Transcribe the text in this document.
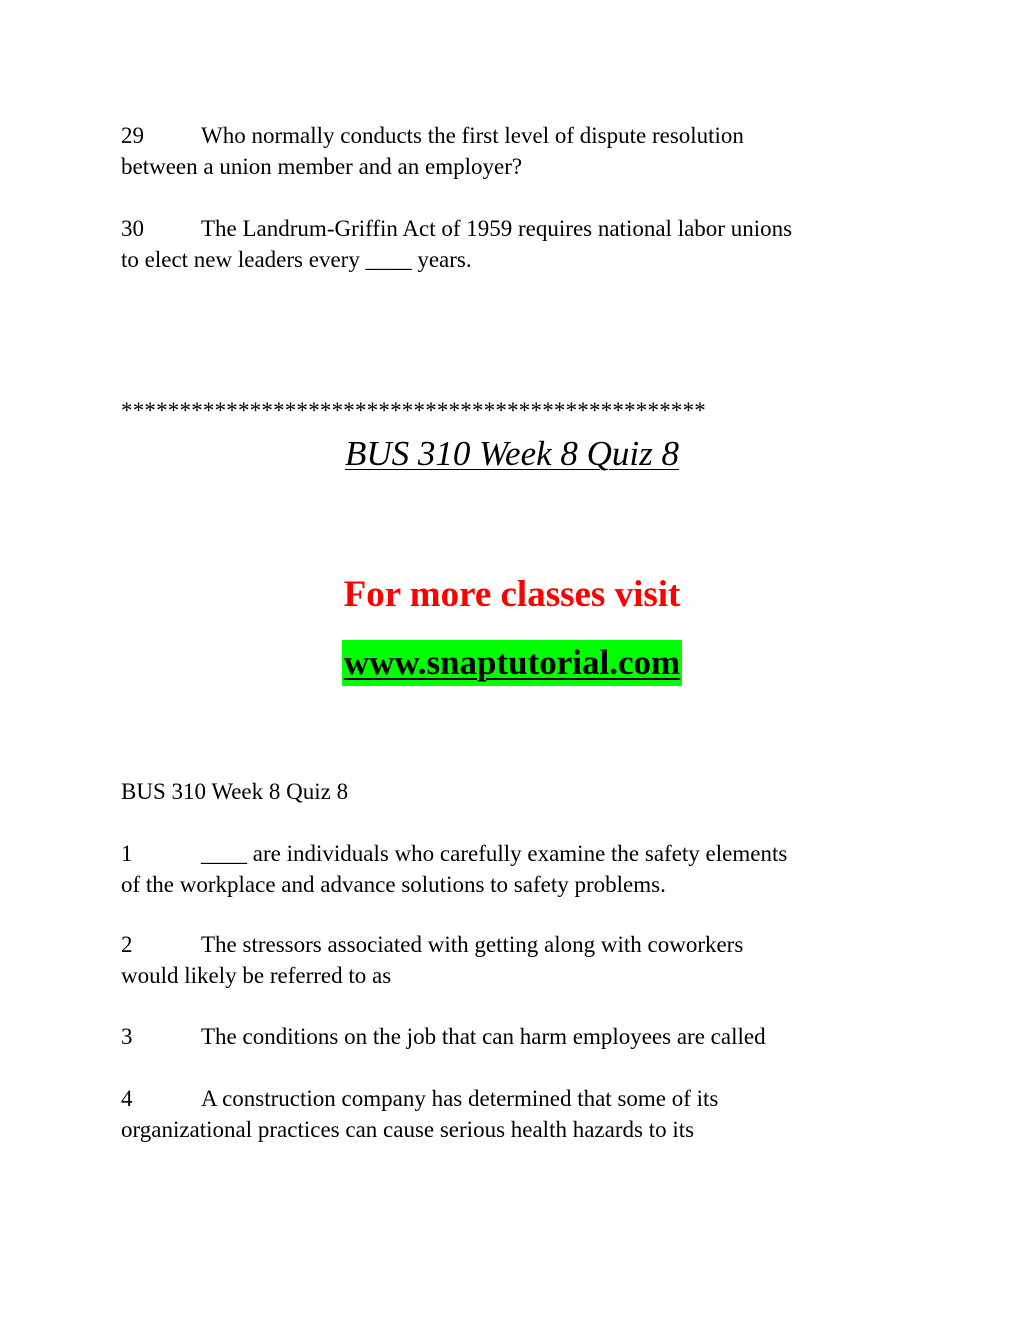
29 Who normally conducts the first level of dispute resolution
between a union member and an employer?

30 The Landrum-Griffin Act of 1959 requires national labor unions
to elect new leaders every ____ years.

**************************************************
BUS 310 Week 8 Quiz 8
For more classes visit
www.snaptutorial.com

BUS 310 Week 8 Quiz 8

1	____ are individuals who carefully examine the safety elements
of the workplace and advance solutions to safety problems.

2	The stressors associated with getting along with coworkers
would likely be referred to as

3	The conditions on the job that can harm employees are called

4	A construction company has determined that some of its
organizational practices can cause serious health hazards to its
